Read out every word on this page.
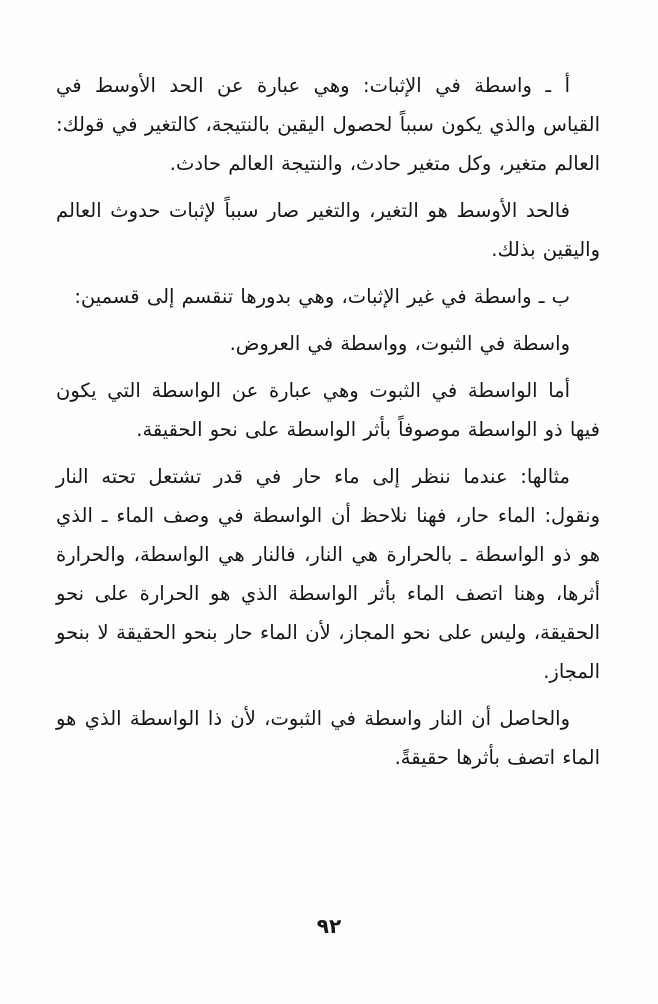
أ ـ واسطة في الإثبات: وهي عبارة عن الحد الأوسط في القياس والذي يكون سبباً لحصول اليقين بالنتيجة، كالتغير في قولك: العالم متغير، وكل متغير حادث، والنتيجة العالم حادث.
فالحد الأوسط هو التغير، والتغير صار سبباً لإثبات حدوث العالم واليقين بذلك.
ب ـ واسطة في غير الإثبات، وهي بدورها تنقسم إلى قسمين:
واسطة في الثبوت، وواسطة في العروض.
أما الواسطة في الثبوت وهي عبارة عن الواسطة التي يكون فيها ذو الواسطة موصوفاً بأثر الواسطة على نحو الحقيقة.
مثالها: عندما ننظر إلى ماء حار في قدر تشتعل تحته النار ونقول: الماء حار، فهنا نلاحظ أن الواسطة في وصف الماء ـ الذي هو ذو الواسطة ـ بالحرارة هي النار، فالنار هي الواسطة، والحرارة أثرها، وهنا اتصف الماء بأثر الواسطة الذي هو الحرارة على نحو الحقيقة، وليس على نحو المجاز، لأن الماء حار بنحو الحقيقة لا بنحو المجاز.
والحاصل أن النار واسطة في الثبوت، لأن ذا الواسطة الذي هو الماء اتصف بأثرها حقيقةً.
٩٢
